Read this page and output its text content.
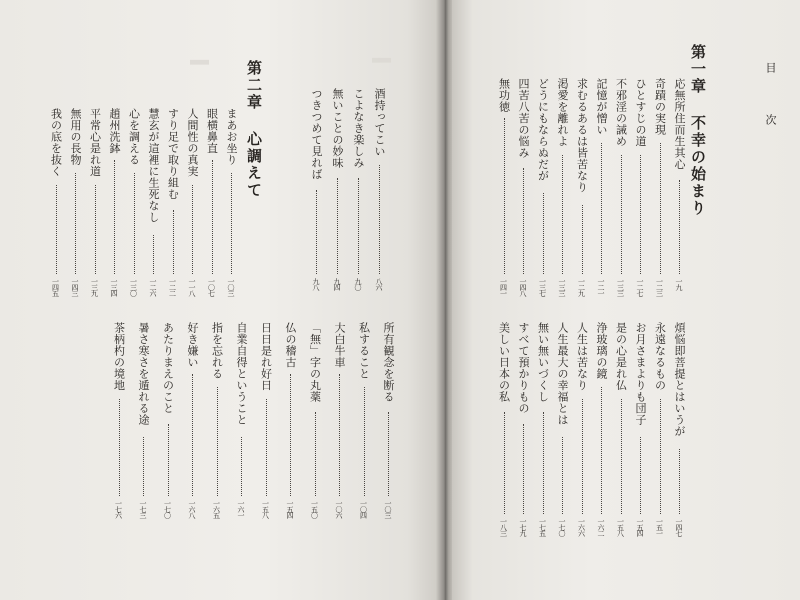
▍
▍	目 次
第一章 不幸の始まり
第二章 心調えて	応無所住而生其心
一九
奇蹟の実現
一二三
ひとすじの道
一二七
不邪淫の誡め
一三三
記憶が憎い
一二一
求むるあるは皆苦なり
一二九
渇愛を離れよ
一三三
どうにもならぬだが
一三七
四苦八苦の悩み
一四八
無功徳
一四一
煩悩即菩提とはいうが
一四七
永遠なるもの
一五一
お月さまよりも団子
一五四
是の心是れ仏
一五八
浄玻璃の鏡
一六二
人生は苦なり
一六六
人生最大の幸福とは
一七〇
無い無いづくし
一七五
すべて預かりもの
一七九
美しい日本の私
一八三
酒持ってこい
八六
こよなき楽しみ
九〇
無いことの妙味
九四
つきつめて見れば
九八
まあお坐り
一〇三
眼横鼻直
一〇七
人間性の真実
一一八
すり足で取り組む
一二二
慧玄が這裡に生死なし
一二六
心を調える
一三〇
趙州洗鉢
一三四
平常心是れ道
一三九
無用の長物
一四三
我の底を抜く
一四五
所有観念を断る
一〇三
私すること
一〇四
大白牛車
一〇六
「無」字の丸薬
一五〇
仏の稽古
一五四
日日是れ好日
一五八
自業自得ということ
一六一
指を忘れる
一六五
好き嫌い
一六八
あたりまえのこと
一七〇
暑さ寒さを遁れる途
一七三
茶柄杓の境地
一七六
